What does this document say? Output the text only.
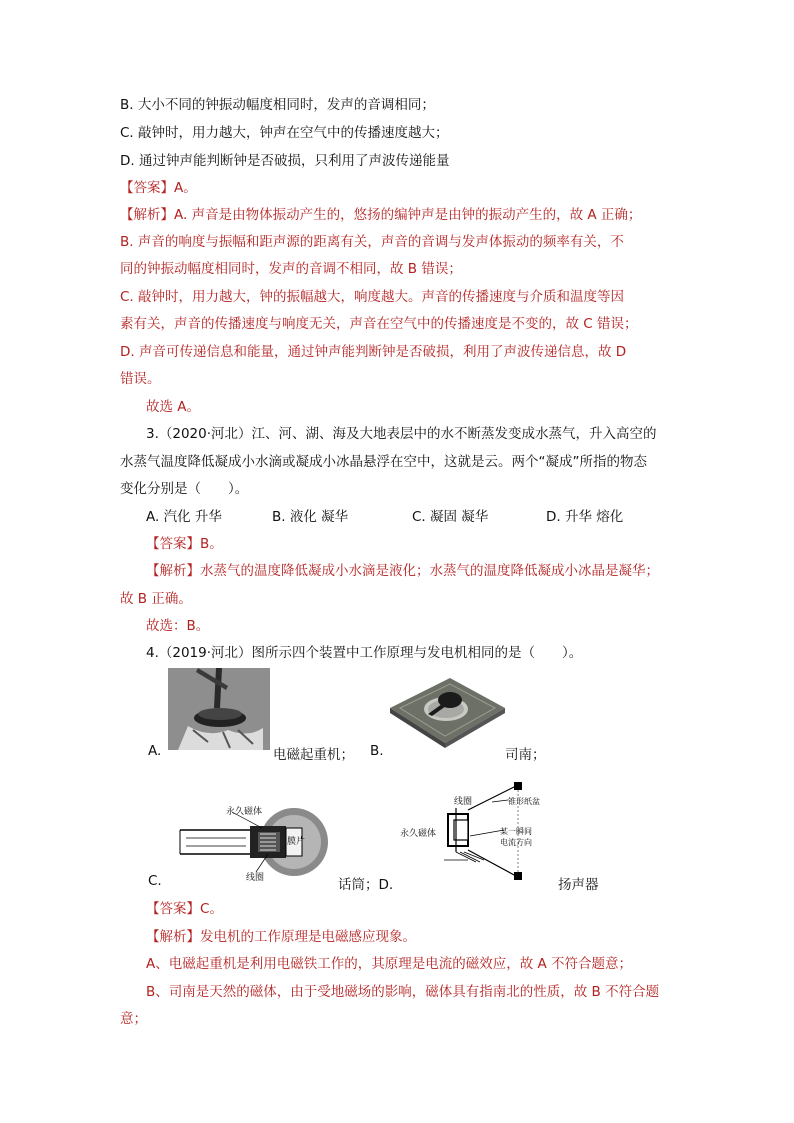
B. 大小不同的钟振动幅度相同时，发声的音调相同；
C. 敲钟时，用力越大，钟声在空气中的传播速度越大；
D. 通过钟声能判断钟是否破损，只利用了声波传递能量
【答案】A。
【解析】A. 声音是由物体振动产生的，悠扬的编钟声是由钟的振动产生的，故 A 正确；
B. 声音的响度与振幅和距声源的距离有关，声音的音调与发声体振动的频率有关，不
同的钟振动幅度相同时，发声的音调不相同，故 B 错误；
C. 敲钟时，用力越大，钟的振幅越大，响度越大。声音的传播速度与介质和温度等因
素有关，声音的传播速度与响度无关，声音在空气中的传播速度是不变的，故 C 错误；
D. 声音可传递信息和能量，通过钟声能判断钟是否破损，利用了声波传递信息，故 D
错误。
故选 A。
3.（2020·河北）江、河、湖、海及大地表层中的水不断蒸发变成水蒸气，升入高空的
水蒸气温度降低凝成小水滴或凝成小冰晶悬浮在空中，这就是云。两个“凝成”所指的物态
变化分别是（　　）。
A. 汽化 升华	B. 液化 凝华	C. 凝固 凝华	D. 升华 熔化
【答案】B。
【解析】水蒸气的温度降低凝成小水滴是液化；水蒸气的温度降低凝成小冰晶是凝华；
故 B 正确。
故选：B。
4.（2019·河北）图所示四个装置中工作原理与发电机相同的是（　　）。
A.	电磁起重机； B.	司南；
永久磁体
膜片
线圈
C.	话筒；D.
线圈	锥形纸盆
永久磁体	某一瞬间
电流方向
扬声器
【答案】C。
【解析】发电机的工作原理是电磁感应现象。
A、电磁起重机是利用电磁铁工作的，其原理是电流的磁效应，故 A 不符合题意；
B、司南是天然的磁体，由于受地磁场的影响，磁体具有指南北的性质，故 B 不符合题
意；
